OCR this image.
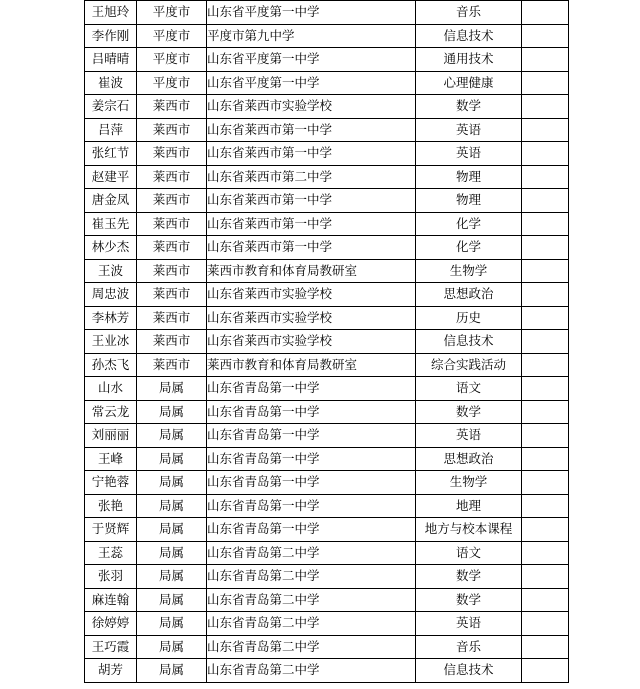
王旭玲	平度市	山东省平度第一中学	音乐	
李作刚	平度市	平度市第九中学	信息技术	
吕晴晴	平度市	山东省平度第一中学	通用技术	
崔波	平度市	山东省平度第一中学	心理健康	
姜宗石	莱西市	山东省莱西市实验学校	数学	
吕萍	莱西市	山东省莱西市第一中学	英语	
张红节	莱西市	山东省莱西市第一中学	英语	
赵建平	莱西市	山东省莱西市第二中学	物理	
唐金凤	莱西市	山东省莱西市第一中学	物理	
崔玉先	莱西市	山东省莱西市第一中学	化学	
林少杰	莱西市	山东省莱西市第一中学	化学	
王波	莱西市	莱西市教育和体育局教研室	生物学	
周忠波	莱西市	山东省莱西市实验学校	思想政治	
李林芳	莱西市	山东省莱西市实验学校	历史	
王业冰	莱西市	山东省莱西市实验学校	信息技术	
孙杰飞	莱西市	莱西市教育和体育局教研室	综合实践活动	
山水	局属	山东省青岛第一中学	语文	
常云龙	局属	山东省青岛第一中学	数学	
刘丽丽	局属	山东省青岛第一中学	英语	
王峰	局属	山东省青岛第一中学	思想政治	
宁艳蓉	局属	山东省青岛第一中学	生物学	
张艳	局属	山东省青岛第一中学	地理	
于贤辉	局属	山东省青岛第一中学	地方与校本课程	
王蕊	局属	山东省青岛第二中学	语文	
张羽	局属	山东省青岛第二中学	数学	
麻连翰	局属	山东省青岛第二中学	数学	
徐婷婷	局属	山东省青岛第二中学	英语	
王巧霞	局属	山东省青岛第二中学	音乐	
胡芳	局属	山东省青岛第二中学	信息技术	
